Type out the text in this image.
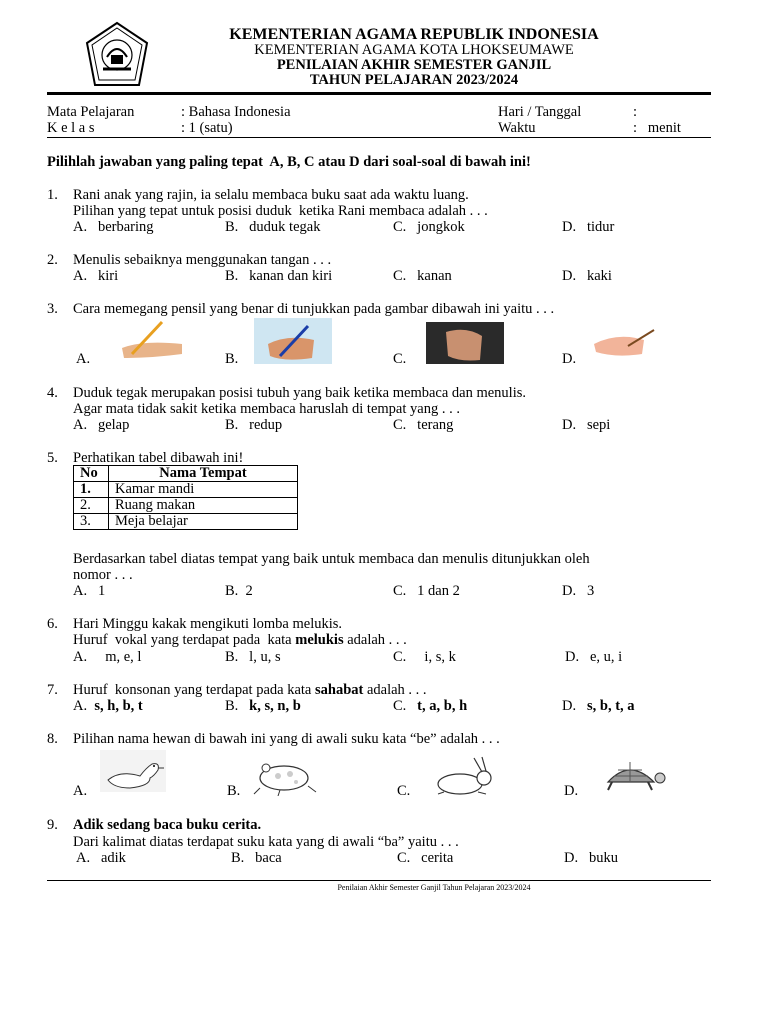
KEMENTERIAN AGAMA REPUBLIK INDONESIA
KEMENTERIAN AGAMA KOTA LHOKSEUMAWE
PENILAIAN AKHIR SEMESTER GANJIL
TAHUN PELAJARAN 2023/2024
Mata Pelajaran	: Bahasa Indonesia	Hari / Tanggal	:
K e l a s	: 1 (satu)	Waktu	:   menit
Pilihlah jawaban yang paling tepat  A, B, C atau D dari soal-soal di bawah ini!
1. Rani anak yang rajin, ia selalu membaca buku saat ada waktu luang.
Pilihan yang tepat untuk posisi duduk  ketika Rani membaca adalah . . .
A.   berbaring	B.   duduk tegak	C.   jongkok	D.   tidur
2. Menulis sebaiknya menggunakan tangan . . .
A.   kiri	B.   kanan dan kiri	C.   kanan	D.   kaki
3. Cara memegang pensil yang benar di tunjukkan pada gambar dibawah ini yaitu . . .
A.	B.	C.	D.
4. Duduk tegak merupakan posisi tubuh yang baik ketika membaca dan menulis.
Agar mata tidak sakit ketika membaca haruslah di tempat yang . . .
A.   gelap	B.   redup	C.   terang	D.   sepi
5. Perhatikan tabel dibawah ini!
No	Nama Tempat
1.	Kamar mandi
2.	Ruang makan
3.	Meja belajar
Berdasarkan tabel diatas tempat yang baik untuk membaca dan menulis ditunjukkan oleh
nomor . . .
A.   1	B.  2	C.   1 dan 2	D.   3
6. Hari Minggu kakak mengikuti lomba melukis.
Huruf  vokal yang terdapat pada  kata melukis adalah . . .
A.     m, e, l	B.   l, u, s	C.     i, s, k	D.   e, u, i
7. Huruf  konsonan yang terdapat pada kata sahabat adalah . . .
A. s, h, b, t	B. k, s, n, b	C. t, a, b, h	D. s, b, t, a
8. Pilihan nama hewan di bawah ini yang di awali suku kata “be” adalah . . .
A.	B.	C.	D.
9. Adik sedang baca buku cerita.
Dari kalimat diatas terdapat suku kata yang di awali “ba” yaitu . . .
A.   adik	B.   baca	C.   cerita	D.   buku
Penilaian Akhir Semester Ganjil Tahun Pelajaran 2023/2024
